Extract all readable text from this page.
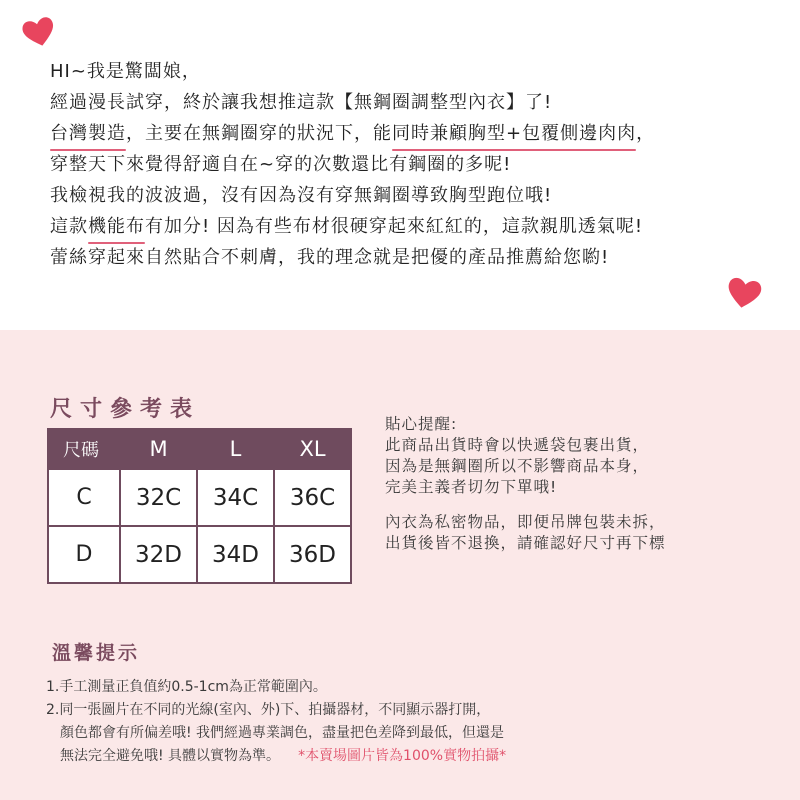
HI~我是驚闆娘，
經過漫長試穿，終於讓我想推這款【無鋼圈調整型內衣】了!
台灣製造，主要在無鋼圈穿的狀況下，能同時兼顧胸型+包覆側邊肉肉，
穿整天下來覺得舒適自在~穿的次數還比有鋼圈的多呢!
我檢視我的波波過，沒有因為沒有穿無鋼圈導致胸型跑位哦!
這款機能布有加分! 因為有些布材很硬穿起來紅紅的，這款親肌透氣呢!
蕾絲穿起來自然貼合不刺膚，我的理念就是把優的產品推薦給您喲!
尺寸參考表
尺碼	M	L	XL
C	32C	34C	36C
D	32D	34D	36D
貼心提醒:
此商品出貨時會以快遞袋包裹出貨，
因為是無鋼圈所以不影響商品本身，
完美主義者切勿下單哦!
內衣為私密物品，即便吊牌包裝未拆，
出貨後皆不退換，請確認好尺寸再下標
溫馨提示
1.手工測量正負值約0.5-1cm為正常範圍內。
2.同一張圖片在不同的光線(室內、外)下、拍攝器材，不同顯示器打開，
顏色都會有所偏差哦! 我們經過專業調色，盡量把色差降到最低，但還是
無法完全避免哦! 具體以實物為準。 *本賣場圖片皆為100%實物拍攝*
